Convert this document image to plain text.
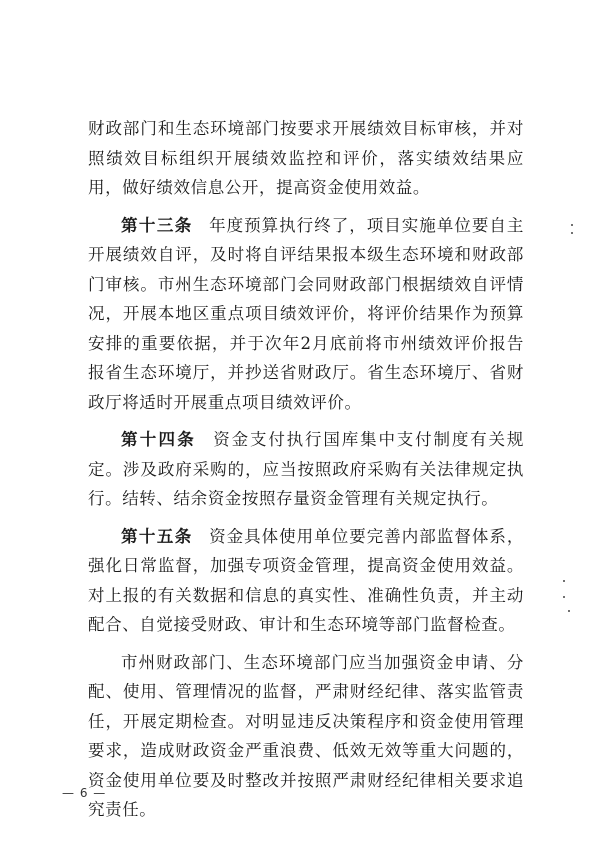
财政部门和生态环境部门按要求开展绩效目标审核，并对照绩效目标组织开展绩效监控和评价，落实绩效结果应用，做好绩效信息公开，提高资金使用效益。

第十三条 年度预算执行终了，项目实施单位要自主开展绩效自评，及时将自评结果报本级生态环境和财政部门审核。市州生态环境部门会同财政部门根据绩效自评情况，开展本地区重点项目绩效评价，将评价结果作为预算安排的重要依据，并于次年2月底前将市州绩效评价报告报省生态环境厅，并抄送省财政厅。省生态环境厅、省财政厅将适时开展重点项目绩效评价。

第十四条 资金支付执行国库集中支付制度有关规定。涉及政府采购的，应当按照政府采购有关法律规定执行。结转、结余资金按照存量资金管理有关规定执行。

第十五条 资金具体使用单位要完善内部监督体系，强化日常监督，加强专项资金管理，提高资金使用效益。对上报的有关数据和信息的真实性、准确性负责，并主动配合、自觉接受财政、审计和生态环境等部门监督检查。

市州财政部门、生态环境部门应当加强资金申请、分配、使用、管理情况的监督，严肃财经纪律、落实监管责任，开展定期检查。对明显违反决策程序和资金使用管理要求，造成财政资金严重浪费、低效无效等重大问题的，资金使用单位要及时整改并按照严肃财经纪律相关要求追究责任。

— 6 —
